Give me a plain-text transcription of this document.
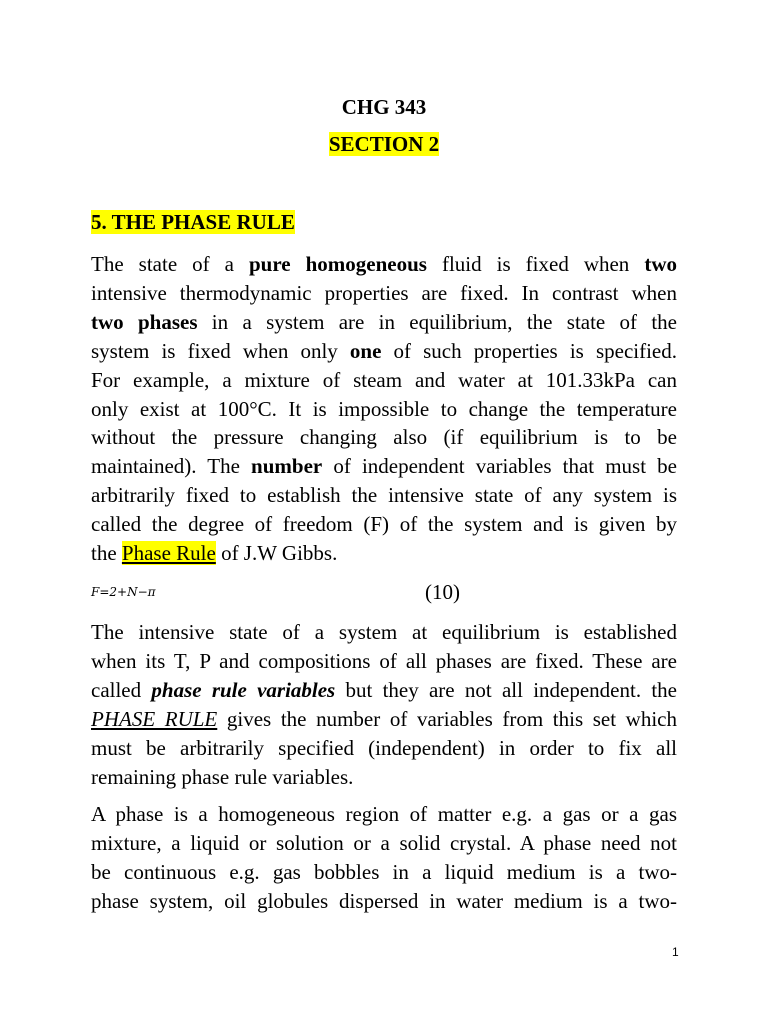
CHG 343
SECTION 2
5. THE PHASE RULE
The state of a pure homogeneous fluid is fixed when two
intensive thermodynamic properties are fixed. In contrast when
two phases in a system are in equilibrium, the state of the
system is fixed when only one of such properties is specified.
For example, a mixture of steam and water at 101.33kPa can
only exist at 100°C. It is impossible to change the temperature
without the pressure changing also (if equilibrium is to be
maintained). The number of independent variables that must be
arbitrarily fixed to establish the intensive state of any system is
called the degree of freedom (F) of the system and is given by
the Phase Rule of J.W Gibbs.
F=2+N−π	(10)
The intensive state of a system at equilibrium is established
when its T, P and compositions of all phases are fixed. These are
called phase rule variables but they are not all independent. the
PHASE RULE gives the number of variables from this set which
must be arbitrarily specified (independent) in order to fix all
remaining phase rule variables.
A phase is a homogeneous region of matter e.g. a gas or a gas
mixture, a liquid or solution or a solid crystal. A phase need not
be continuous e.g. gas bobbles in a liquid medium is a two-
phase system, oil globules dispersed in water medium is a two-
1
